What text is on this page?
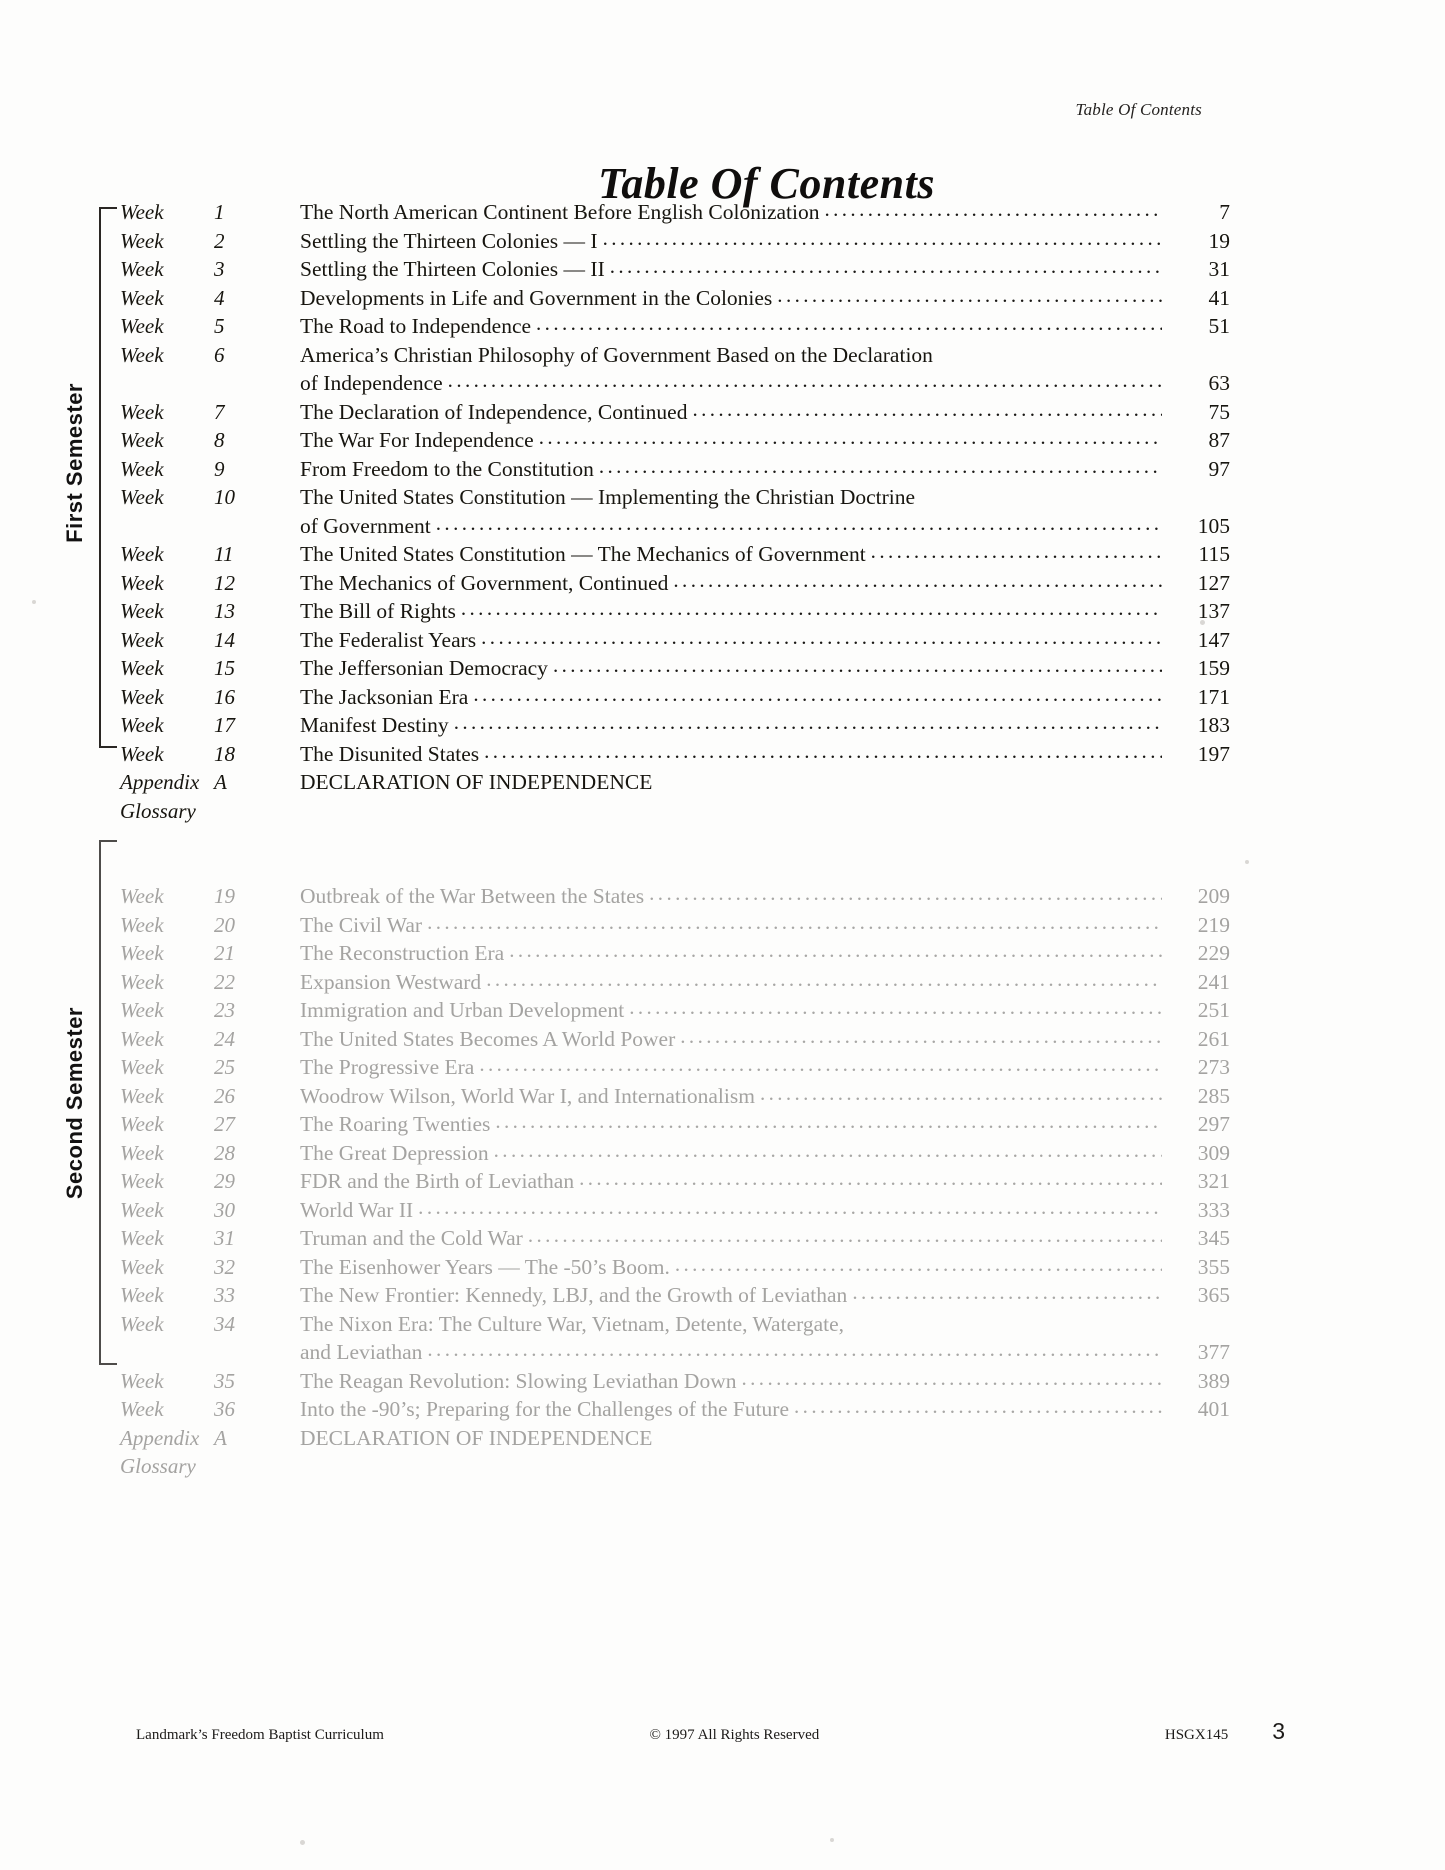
Table Of Contents
Table Of Contents
First Semester
Second Semester
Week	1	The North American Continent Before English Colonization .....	7
Week	2	Settling the Thirteen Colonies — I .....	19
Week	3	Settling the Thirteen Colonies — II .....	31
Week	4	Developments in Life and Government in the Colonies .....	41
Week	5	The Road to Independence .....	51
Week	6	America’s Christian Philosophy of Government Based on the Declaration
of Independence .....	63
Week	7	The Declaration of Independence, Continued .....	75
Week	8	The War For Independence .....	87
Week	9	From Freedom to the Constitution .....	97
Week	10	The United States Constitution — Implementing the Christian Doctrine
of Government .....	105
Week	11	The United States Constitution — The Mechanics of Government .....	115
Week	12	The Mechanics of Government, Continued .....	127
Week	13	The Bill of Rights .....	137
Week	14	The Federalist Years .....	147
Week	15	The Jeffersonian Democracy .....	159
Week	16	The Jacksonian Era .....	171
Week	17	Manifest Destiny .....	183
Week	18	The Disunited States .....	197
Appendix A	DECLARATION OF INDEPENDENCE
Glossary
Week	19	Outbreak of the War Between the States .....	209
Week	20	The Civil War .....	219
Week	21	The Reconstruction Era .....	229
Week	22	Expansion Westward .....	241
Week	23	Immigration and Urban Development .....	251
Week	24	The United States Becomes A World Power .....	261
Week	25	The Progressive Era .....	273
Week	26	Woodrow Wilson, World War I, and Internationalism .....	285
Week	27	The Roaring Twenties .....	297
Week	28	The Great Depression .....	309
Week	29	FDR and the Birth of Leviathan .....	321
Week	30	World War II .....	333
Week	31	Truman and the Cold War .....	345
Week	32	The Eisenhower Years — The -50’s Boom. .....	355
Week	33	The New Frontier: Kennedy, LBJ, and the Growth of Leviathan .....	365
Week	34	The Nixon Era: The Culture War, Vietnam, Detente, Watergate,
and Leviathan .....	377
Week	35	The Reagan Revolution: Slowing Leviathan Down .....	389
Week	36	Into the -90’s; Preparing for the Challenges of the Future .....	401
Appendix A	DECLARATION OF INDEPENDENCE
Glossary
Landmark’s Freedom Baptist Curriculum	© 1997 All Rights Reserved	HSGX145	3
